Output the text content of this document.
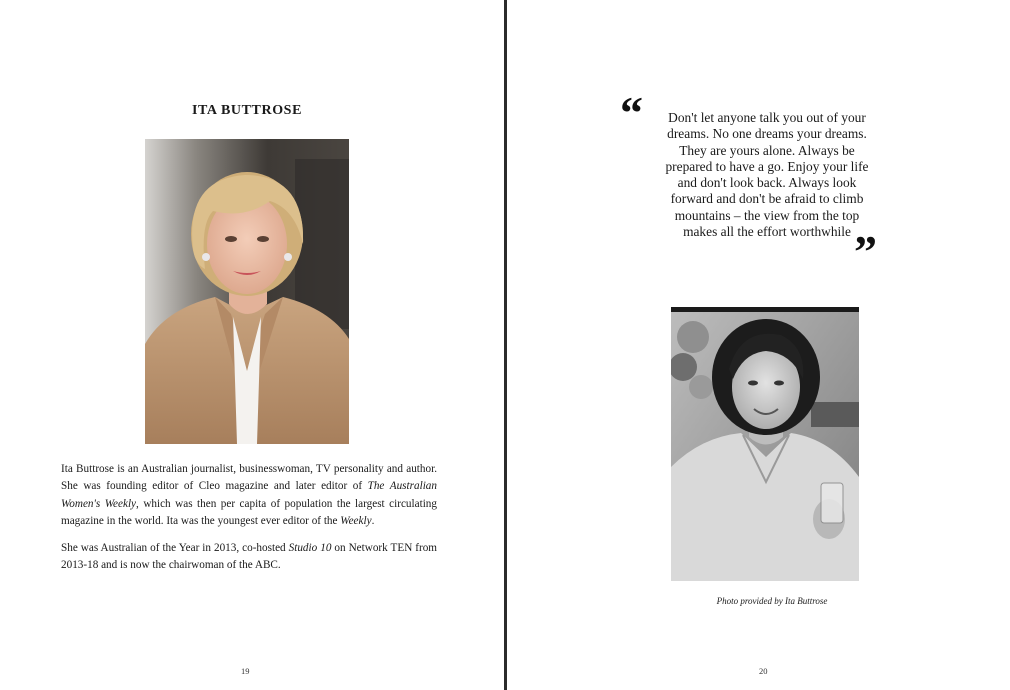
ITA BUTTROSE

Ita Buttrose is an Australian journalist, businesswoman, TV personality and author. She was founding editor of Cleo magazine and later editor of The Australian Women's Weekly, which was then per capita of population the largest circulating magazine in the world. Ita was the youngest ever editor of the Weekly.

She was Australian of the Year in 2013, co-hosted Studio 10 on Network TEN from 2013-18 and is now the chairwoman of the ABC.

19
“	Don't let anyone talk you out of your
dreams. No one dreams your dreams.
They are yours alone. Always be
prepared to have a go. Enjoy your life
and don't look back. Always look
forward and don't be afraid to climb
mountains – the view from the top
makes all the effort worthwhile ”
Photo provided by Ita Buttrose
20
